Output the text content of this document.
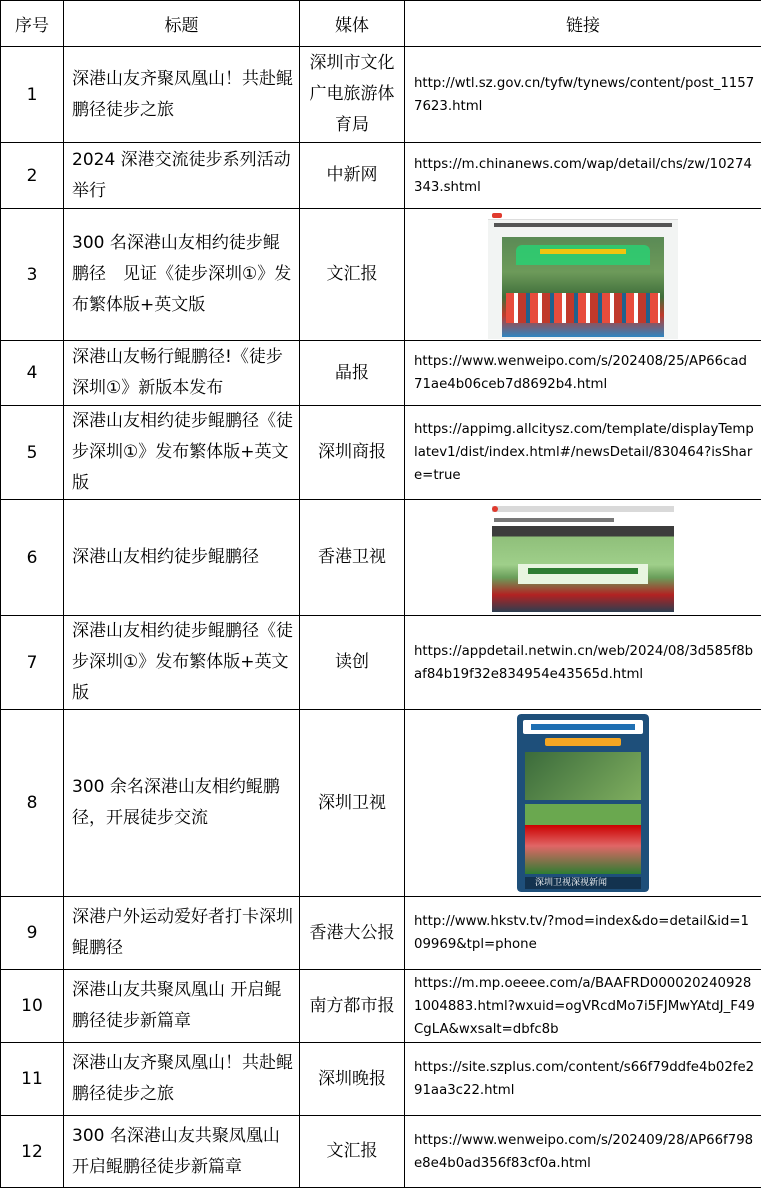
序号	标题	媒体	链接
1	深港山友齐聚凤凰山！共赴鲲鹏径徒步之旅	深圳市文化广电旅游体育局	http://wtl.sz.gov.cn/tyfw/tynews/content/post_11577623.html
2	2024 深港交流徒步系列活动举行	中新网	https://m.chinanews.com/wap/detail/chs/zw/10274343.shtml
3	300 名深港山友相约徒步鲲鹏径　见证《徒步深圳①》发布繁体版+英文版	文汇报	

4	深港山友畅行鲲鹏径!《徒步深圳①》新版本发布	晶报	https://www.wenweipo.com/s/202408/25/AP66cad71ae4b06ceb7d8692b4.html
5	深港山友相约徒步鲲鹏径《徒步深圳①》发布繁体版+英文版	深圳商报	https://appimg.allcitysz.com/template/displayTemplatev1/dist/index.html#/newsDetail/830464?isShare=true
6	深港山友相约徒步鲲鹏径	香港卫视	

7	深港山友相约徒步鲲鹏径《徒步深圳①》发布繁体版+英文版	读创	https://appdetail.netwin.cn/web/2024/08/3d585f8baf84b19f32e834954e43565d.html
8	300 余名深港山友相约鲲鹏径，开展徒步交流	深圳卫视	深圳卫视深视新闻

9	深港户外运动爱好者打卡深圳鲲鹏径	香港大公报	http://www.hkstv.tv/?mod=index&do=detail&id=109969&tpl=phone
10	深港山友共聚凤凰山 开启鲲鹏径徒步新篇章	南方都市报	https://m.mp.oeeee.com/a/BAAFRD0000202409281004883.html?wxuid=ogVRcdMo7i5FJMwYAtdJ_F49CgLA&wxsalt=dbfc8b
11	深港山友齐聚凤凰山！共赴鲲鹏径徒步之旅	深圳晚报	https://site.szplus.com/content/s66f79ddfe4b02fe291aa3c22.html
12	300 名深港山友共聚凤凰山开启鲲鹏径徒步新篇章	文汇报	https://www.wenweipo.com/s/202409/28/AP66f798e8e4b0ad356f83cf0a.html
